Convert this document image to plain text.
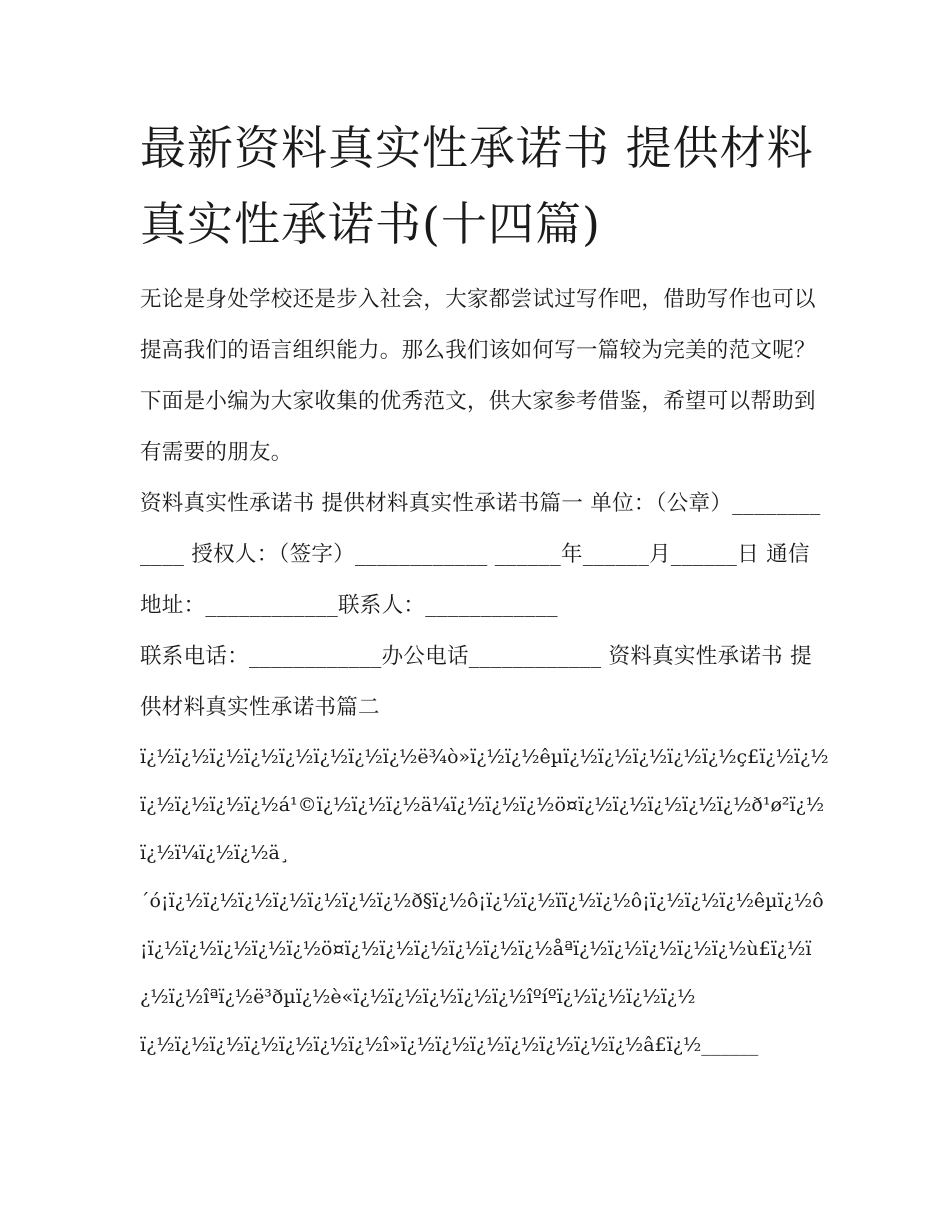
最新资料真实性承诺书 提供材料真实性承诺书(十四篇)

无论是身处学校还是步入社会，大家都尝试过写作吧，借助写作也可以提高我们的语言组织能力。那么我们该如何写一篇较为完美的范文呢？下面是小编为大家收集的优秀范文，供大家参考借鉴，希望可以帮助到有需要的朋友。

资料真实性承诺书 提供材料真实性承诺书篇一 单位：（公章）____________ 授权人：（签字）____________ ______年______月______日 通信地址：____________联系人：____________

联系电话：____________办公电话____________ 资料真实性承诺书 提供材料真实性承诺书篇二

ï¿½ï¿½ï¿½ï¿½ï¿½ï¿½ï¿½ï¿½ë¾ò»ï¿½ï¿½êµï¿½ï¿½ï¿½ï¿½ï¿½ç£ï¿½ï¿½ï¿½ï¿½ï¿½ï¿½á¹©ï¿½ï¿½ï¿½ä¼ï¿½ï¿½ï¿½ö¤ï¿½ï¿½ï¿½ï¿½ï¿½ð¹ø²ï¿½ï¿½ï¼ï¿½ï¿½ä¸

´ó¡ï¿½ï¿½ï¿½ï¿½ï¿½ï¿½ï¿½ð§ï¿½ô¡ï¿½ï¿½ïï¿½ï¿½ô¡ï¿½ï¿½ï¿½êµï¿½ô¡ï¿½ï¿½ï¿½ï¿½ï¿½ö¤ï¿½ï¿½ï¿½ï¿½ï¿½ï¿½åªï¿½ï¿½ï¿½ï¿½ï¿½ù£ï¿½ï¿½ï¿½îªï¿½ë³ðµï¿½è«ï¿½ï¿½ï¿½ï¿½ï¿½îºíºï¿½ï¿½ï¿½ï¿½

ï¿½ï¿½ï¿½ï¿½ï¿½ï¿½ï¿½î»ï¿½ï¿½ï¿½ï¿½ï¿½ï¿½ï¿½â£ï¿½______
